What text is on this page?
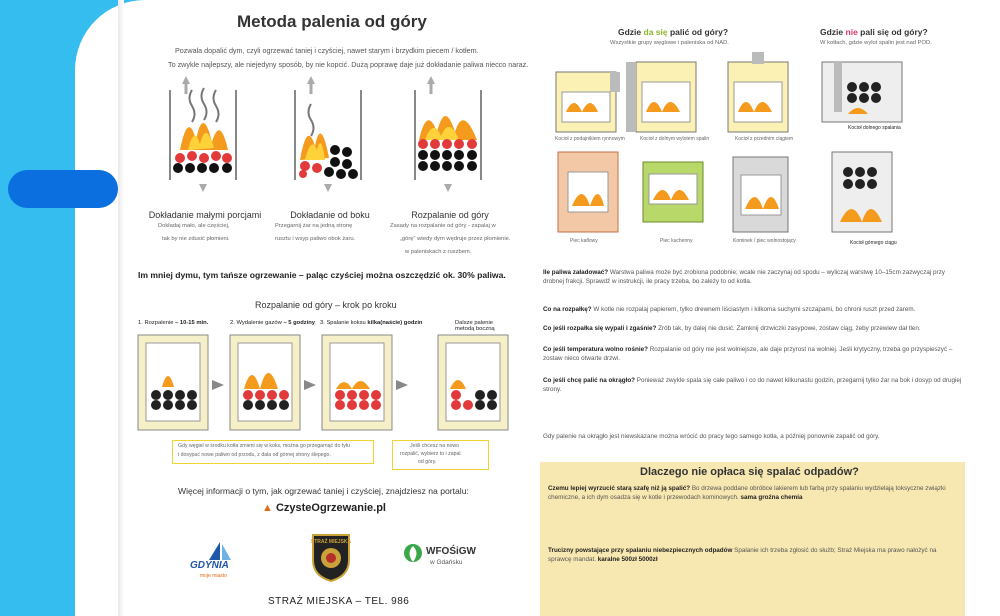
Metoda palenia od góry
Pozwala dopalić dym, czyli ogrzewać taniej i czyściej, nawet starym i brzydkim piecem / kotłem.
To zwykle najlepszy, ale niejedyny sposób, by nie kopcić. Dużą poprawę daje już dokładanie paliwa niecco naraz.
Dokładanie małymi porcjami
Dokładaj mało, ale częściej,
tak by nie zdusić płomieni.
Dokładanie od boku
Przegarnij żar na jedną stronę
rusztu i wsyp paliwo obok żaru.
Rozpalanie od góry
Zasady na rozpalanie od góry - zapalaj w
„górę” wtedy dym wędruje przez płomienie.
w paleniskach z ruszbem.
Im mniej dymu, tym tańsze ogrzewanie – paląc czyściej można oszczędzić ok. 30% paliwa.
Rozpalanie od góry – krok po kroku
1. Rozpalenie – 10-15 min.	2. Wydalenie gazów – 5 godziny 3. Spalanie koksu kilka(naście) godzin	Dalsze palenie
metodą boczną
Gdy węgiel w środku kotła zmieni się w koks, można go przegarnąć do tyłu
i dosypać nowe paliwo od przodu, z dala od górnej strony ślepego.
Jeśli chcesz na nowo
rozpalić, wybierz to i zapal
od góry.
Więcej informacji o tym, jak ogrzewać taniej i czyściej, znajdziesz na portalu:
▲ CzysteOgrzewanie.pl
GDYNIA
moje miasto
STRAŻ MIEJSKA
WFOŚiGW
w Gdańsku
STRAŻ MIEJSKA – TEL. 986
Gdzie da się palić od góry?
Wszystkie grupy węglowe i paleniska od NAD.
Gdzie nie pali się od góry?
W kotłach, gdzie wylot spalin jest nad POD.
Kocioł z podajnikiem rynnowym	Kocioł z dolnym wylotem spalin	Kocioł z przednim ciągiem
Piec kaflowy	Piec kuchenny	Kominek / piec wolnostojący
Kocioł dolnego spalania
Kocioł górnego ciągu
Ile paliwa załadować? Warstwa paliwa może być zrobiona podobnie; wcale nie zaczynaj od spodu – wyliczaj warstwę 10–15cm zazwyczaj przy drobnej frakcji. Sprawdź w instrukcji, ile pracy trzeba, bo zależy to od kotła.
Co na rozpałkę? W kotle nie rozpalaj papierem, tylko drewnem liściastym i kilkoma suchymi szczapami, bo chroni ruszt przed żarem.
Co jeśli rozpałka się wypali i zgaśnie? Zrób tak, by dalej nie dusić. Zamknij drzwiczki zasypowe, zostaw ciąg, żeby przewiew dał tlen.
Co jeśli temperatura wolno rośnie? Rozpalanie od góry nie jest wolniejsze, ale daje przyrost na wolniej. Jeśli krytyczny, trzeba go przyspieszyć – zostaw nieco otwarte drzwi.
Co jeśli chcę palić na okrągło? Ponieważ zwykle spala się całe paliwo i co do nawet kilkunastu godzin, przegarnij tylko żar na bok i dosyp od drugiej strony.
Gdy palenie na okrągło jest niewskazane można wrócić do pracy tego samego kotła, a później ponownie zapalić od góry.
Dlaczego nie opłaca się spalać odpadów?
Czemu lepiej wyrzucić starą szafę niż ją spalić? Bo drzewa poddane obróbce lakierem lub farbą przy spalaniu wydzielają toksyczne związki chemiczne, a ich dym osadza się w kotle i przewodach kominowych. sama groźna chemia
Trucizny powstające przy spalaniu niebezpiecznych odpadów Spalanie ich trzeba zgłosić do służb; Straż Miejska ma prawo nałożyć na sprawcę mandat. karalne 500zł 5000zł
